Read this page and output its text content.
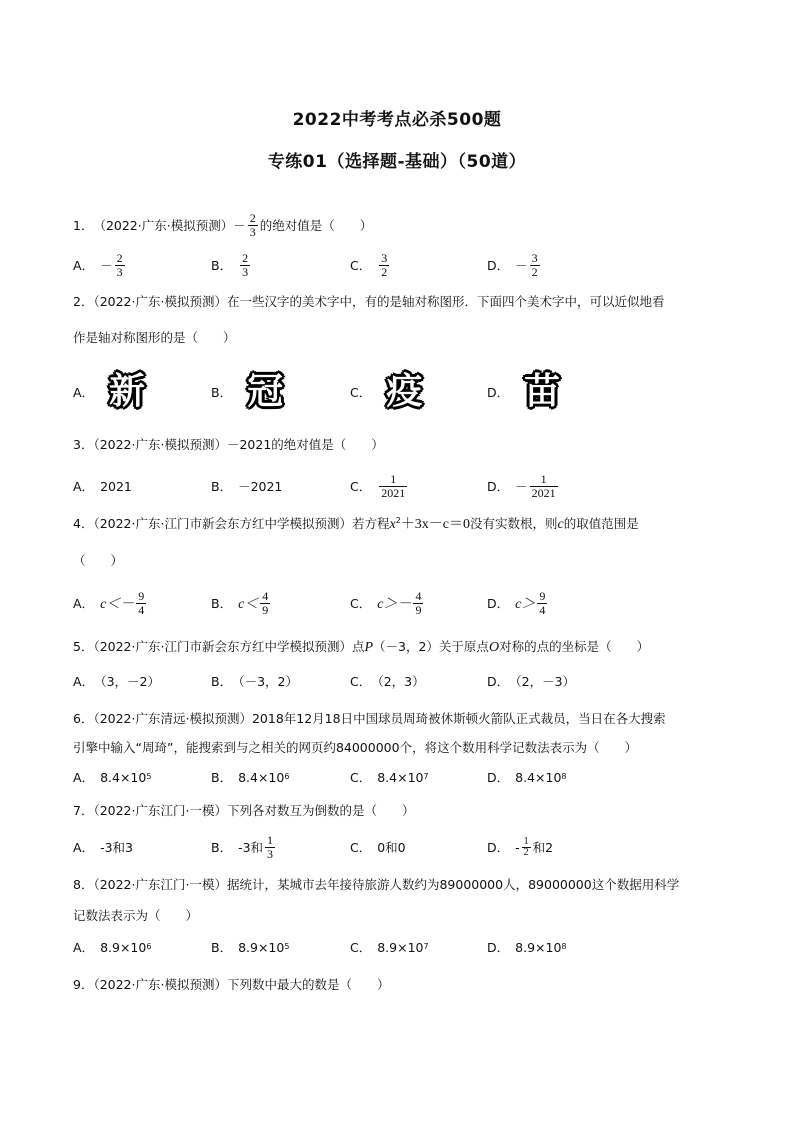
2022中考考点必杀500题
专练01（选择题-基础）（50道）
1． （2022·广东·模拟预测） － $\frac{2}{3}$ 的绝对值是（　　）
A． － $\frac{2}{3}$	B． $\frac{2}{3}$	C． $\frac{3}{2}$	D． － $\frac{3}{2}$
2．（2022·广东·模拟预测）在一些汉字的美术字中，有的是轴对称图形．下面四个美术字中，可以近似地看
作是轴对称图形的是（　　）
A． 新	B． 冠	C． 疫	D． 苗
3．（2022·广东·模拟预测）－2021的绝对值是（　　）
A． 2021	B． －2021	C． $\frac{1}{2021}$	D． － $\frac{1}{2021}$
4．（2022·广东·江门市新会东方红中学模拟预测）若方程$x^2+3x-c=0$没有实数根，则c的取值范围是
（　　）
A． $c<- \frac{9}{4}$	B． $c< \frac{4}{9}$	C． $c>- \frac{4}{9}$	D． $c> \frac{9}{4}$
5．（2022·广东·江门市新会东方红中学模拟预测）点P（－3，2）关于原点O对称的点的坐标是（　　）
A． （3，－2）	B． （－3，2）	C． （2，3）	D． （2，－3）
6．（2022·广东清远·模拟预测）2018年12月18日中国球员周琦被休斯顿火箭队正式裁员，当日在各大搜索
引擎中输入“周琦”，能搜索到与之相关的网页约84000000个，将这个数用科学记数法表示为（　　）
A． 8.4×10 5	B． 8.4×10 6	C． 8.4×10 7	D． 8.4×10 8
7．（2022·广东江门·一模）下列各对数互为倒数的是（　　）
A． -3和3	B． -3和 $\frac{1}{3}$	C． 0和0	D． - $\frac{1}{2}$ 和2
8．（2022·广东江门·一模）据统计，某城市去年接待旅游人数约为89000000人，89000000这个数据用科学
记数法表示为（　　）
A． 8.9×10 6	B． 8.9×10 5	C． 8.9×10 7	D． 8.9×10 8
9．（2022·广东·模拟预测）下列数中最大的数是（　　）
